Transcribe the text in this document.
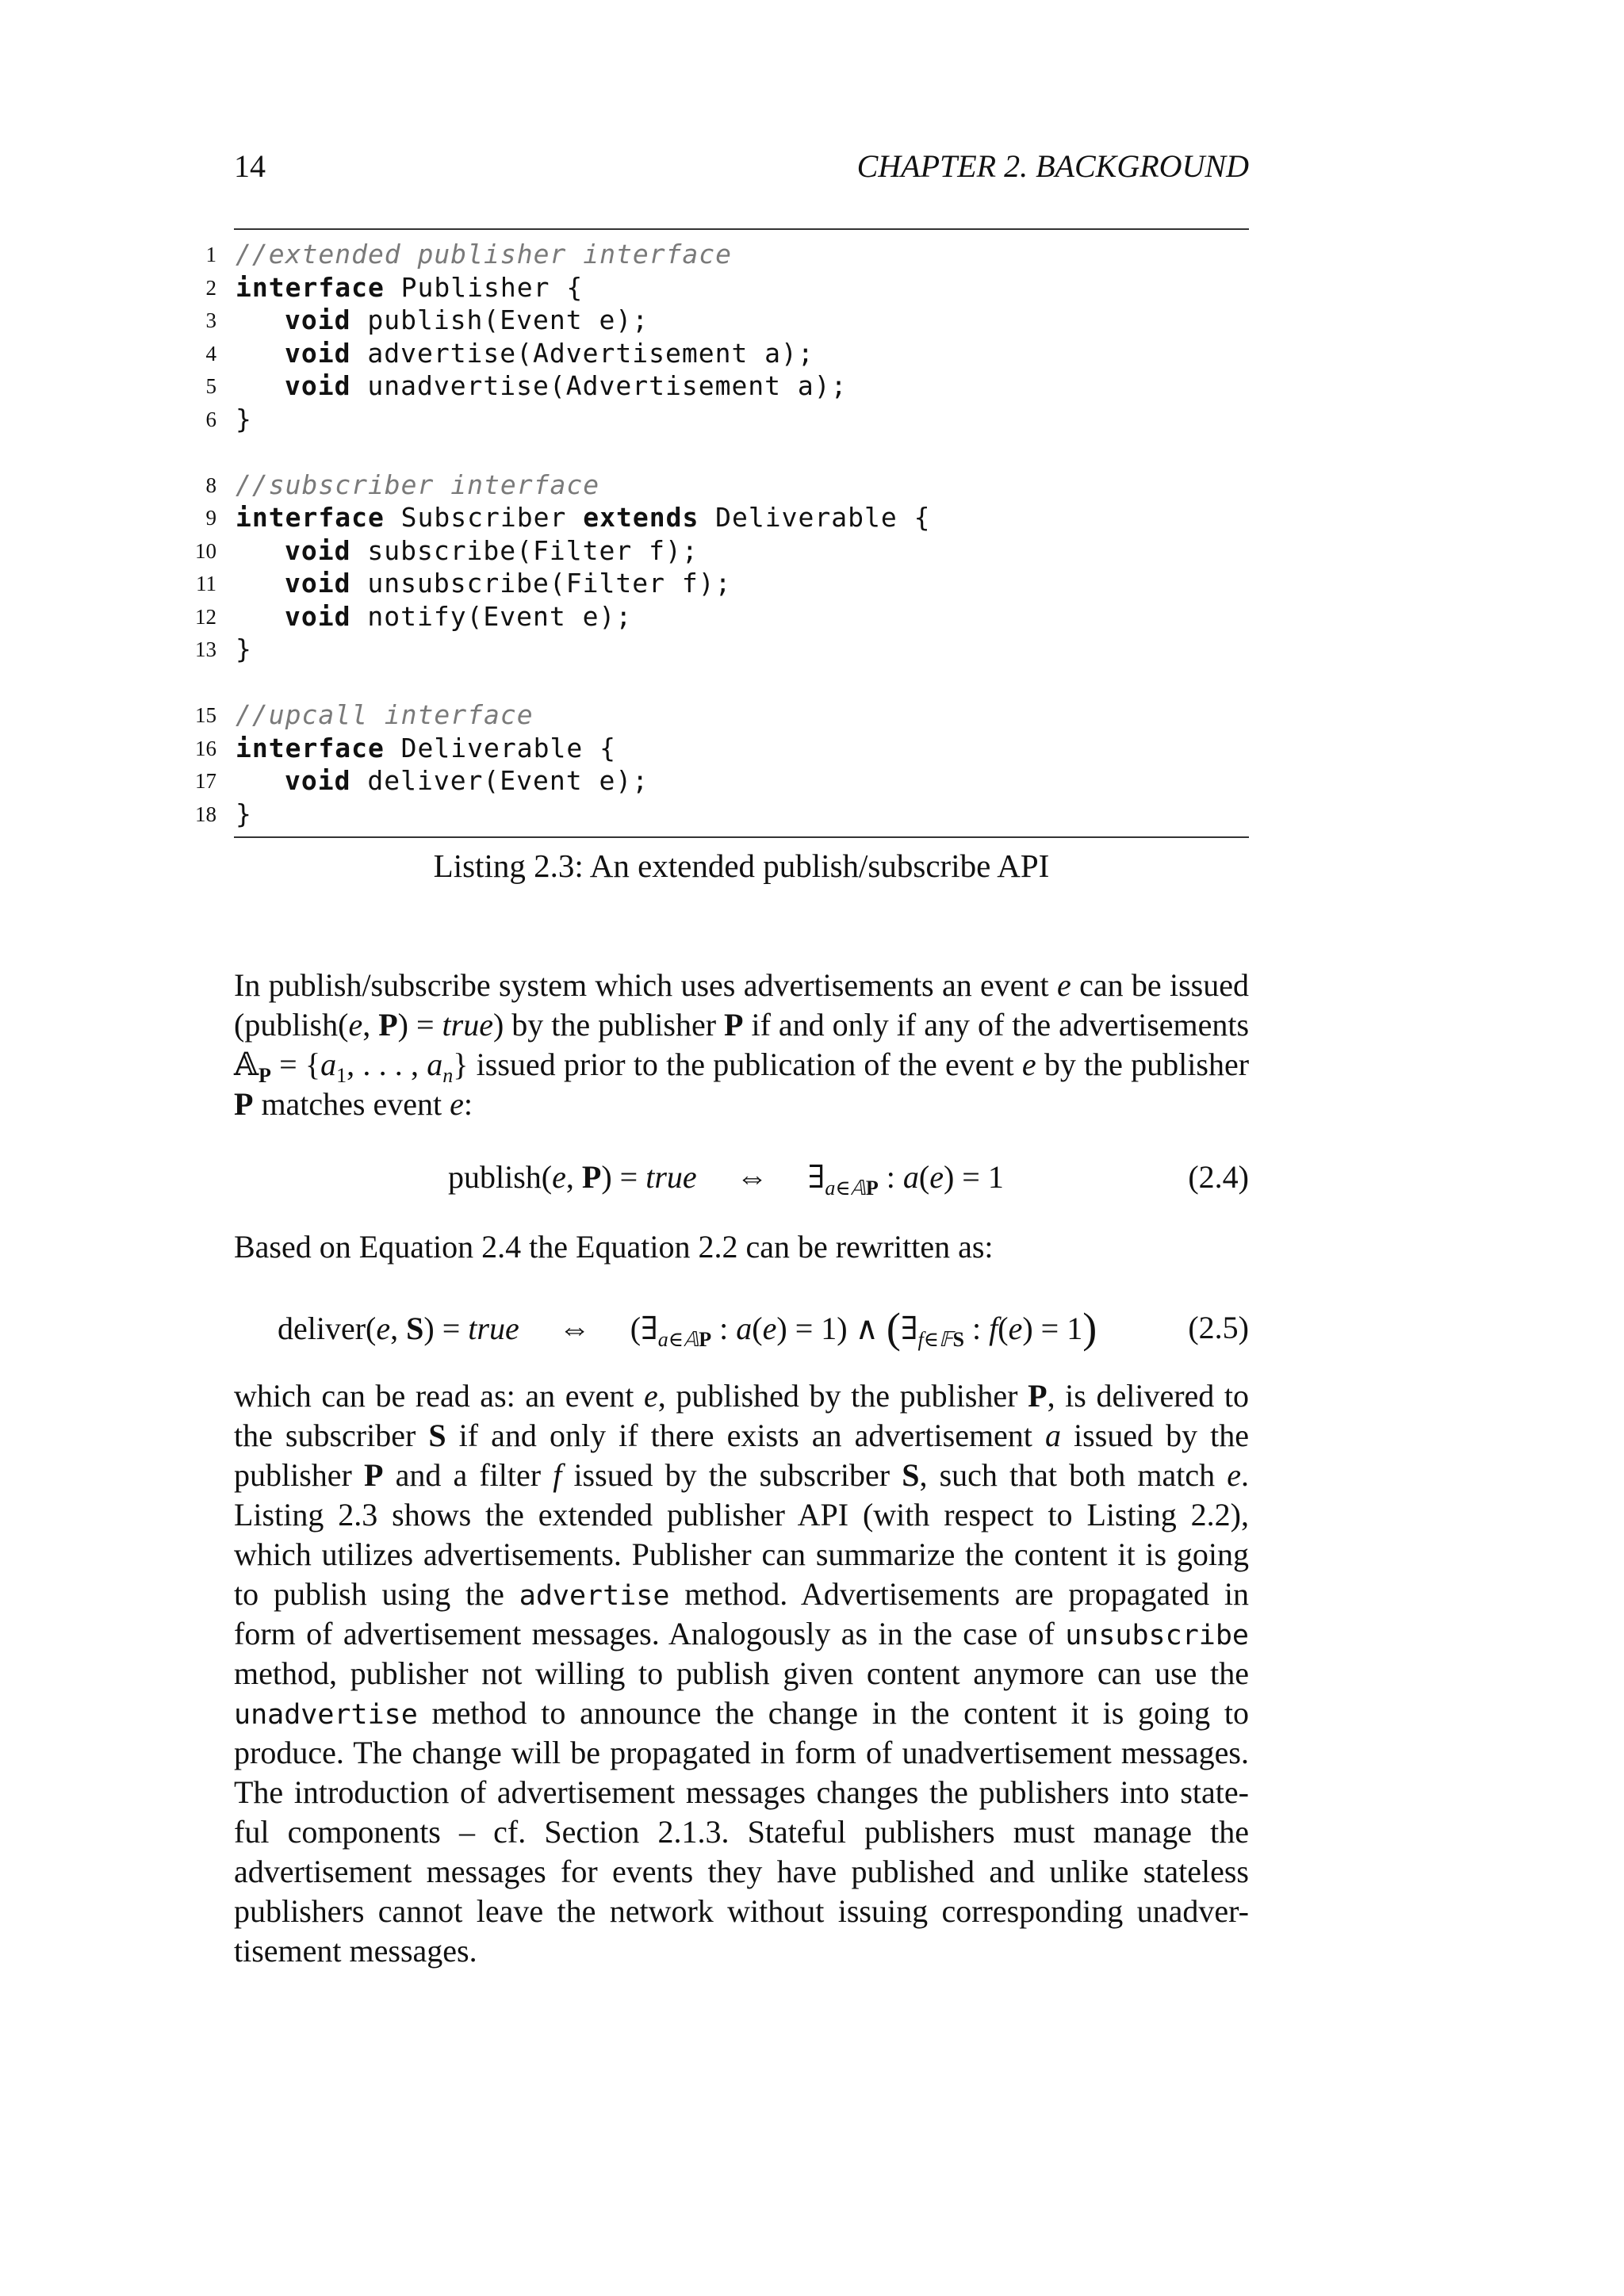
14	CHAPTER 2. BACKGROUND
1 //extended publisher interface
2 interface Publisher {
3	void publish(Event e);
4	void advertise(Advertisement a);
5	void unadvertise(Advertisement a);
6 }
8 //subscriber interface
9 interface Subscriber extends Deliverable {
10	void subscribe(Filter f);
11	void unsubscribe(Filter f);
12	void notify(Event e);
13 }
15 //upcall interface
16 interface Deliverable {
17	void deliver(Event e);
18 }
Listing 2.3: An extended publish/subscribe API
In publish/subscribe system which uses advertisements an event e can be issued
(publish(e, P) = true) by the publisher P if and only if any of the advertisements
𝔸$_P$ = {$a_1$, . . . , $a_n$} issued prior to the publication of the event e by the publisher
P matches event e:
publish(e, P) = true ⇔ $\exists_{a\in 𝔸P}$ : a(e) = 1	(2.4)
Based on Equation 2.4 the Equation 2.2 can be rewritten as:
deliver(e, S) = true ⇔ ($\exists_{a\in 𝔸P}$ : a(e) = 1) ∧ ($\exists_{f\in 𝔽S}$ : f(e) = 1)	(2.5)
which can be read as: an event e, published by the publisher P, is delivered to
the subscriber S if and only if there exists an advertisement a issued by the
publisher P and a filter f issued by the subscriber S, such that both match e.
Listing 2.3 shows the extended publisher API (with respect to Listing 2.2),
which utilizes advertisements. Publisher can summarize the content it is going
to publish using the advertise method. Advertisements are propagated in
form of advertisement messages. Analogously as in the case of unsubscribe
method, publisher not willing to publish given content anymore can use the
unadvertise method to announce the change in the content it is going to
produce. The change will be propagated in form of unadvertisement messages.
The introduction of advertisement messages changes the publishers into state-
ful components – cf. Section 2.1.3. Stateful publishers must manage the
advertisement messages for events they have published and unlike stateless
publishers cannot leave the network without issuing corresponding unadver-
tisement messages.
